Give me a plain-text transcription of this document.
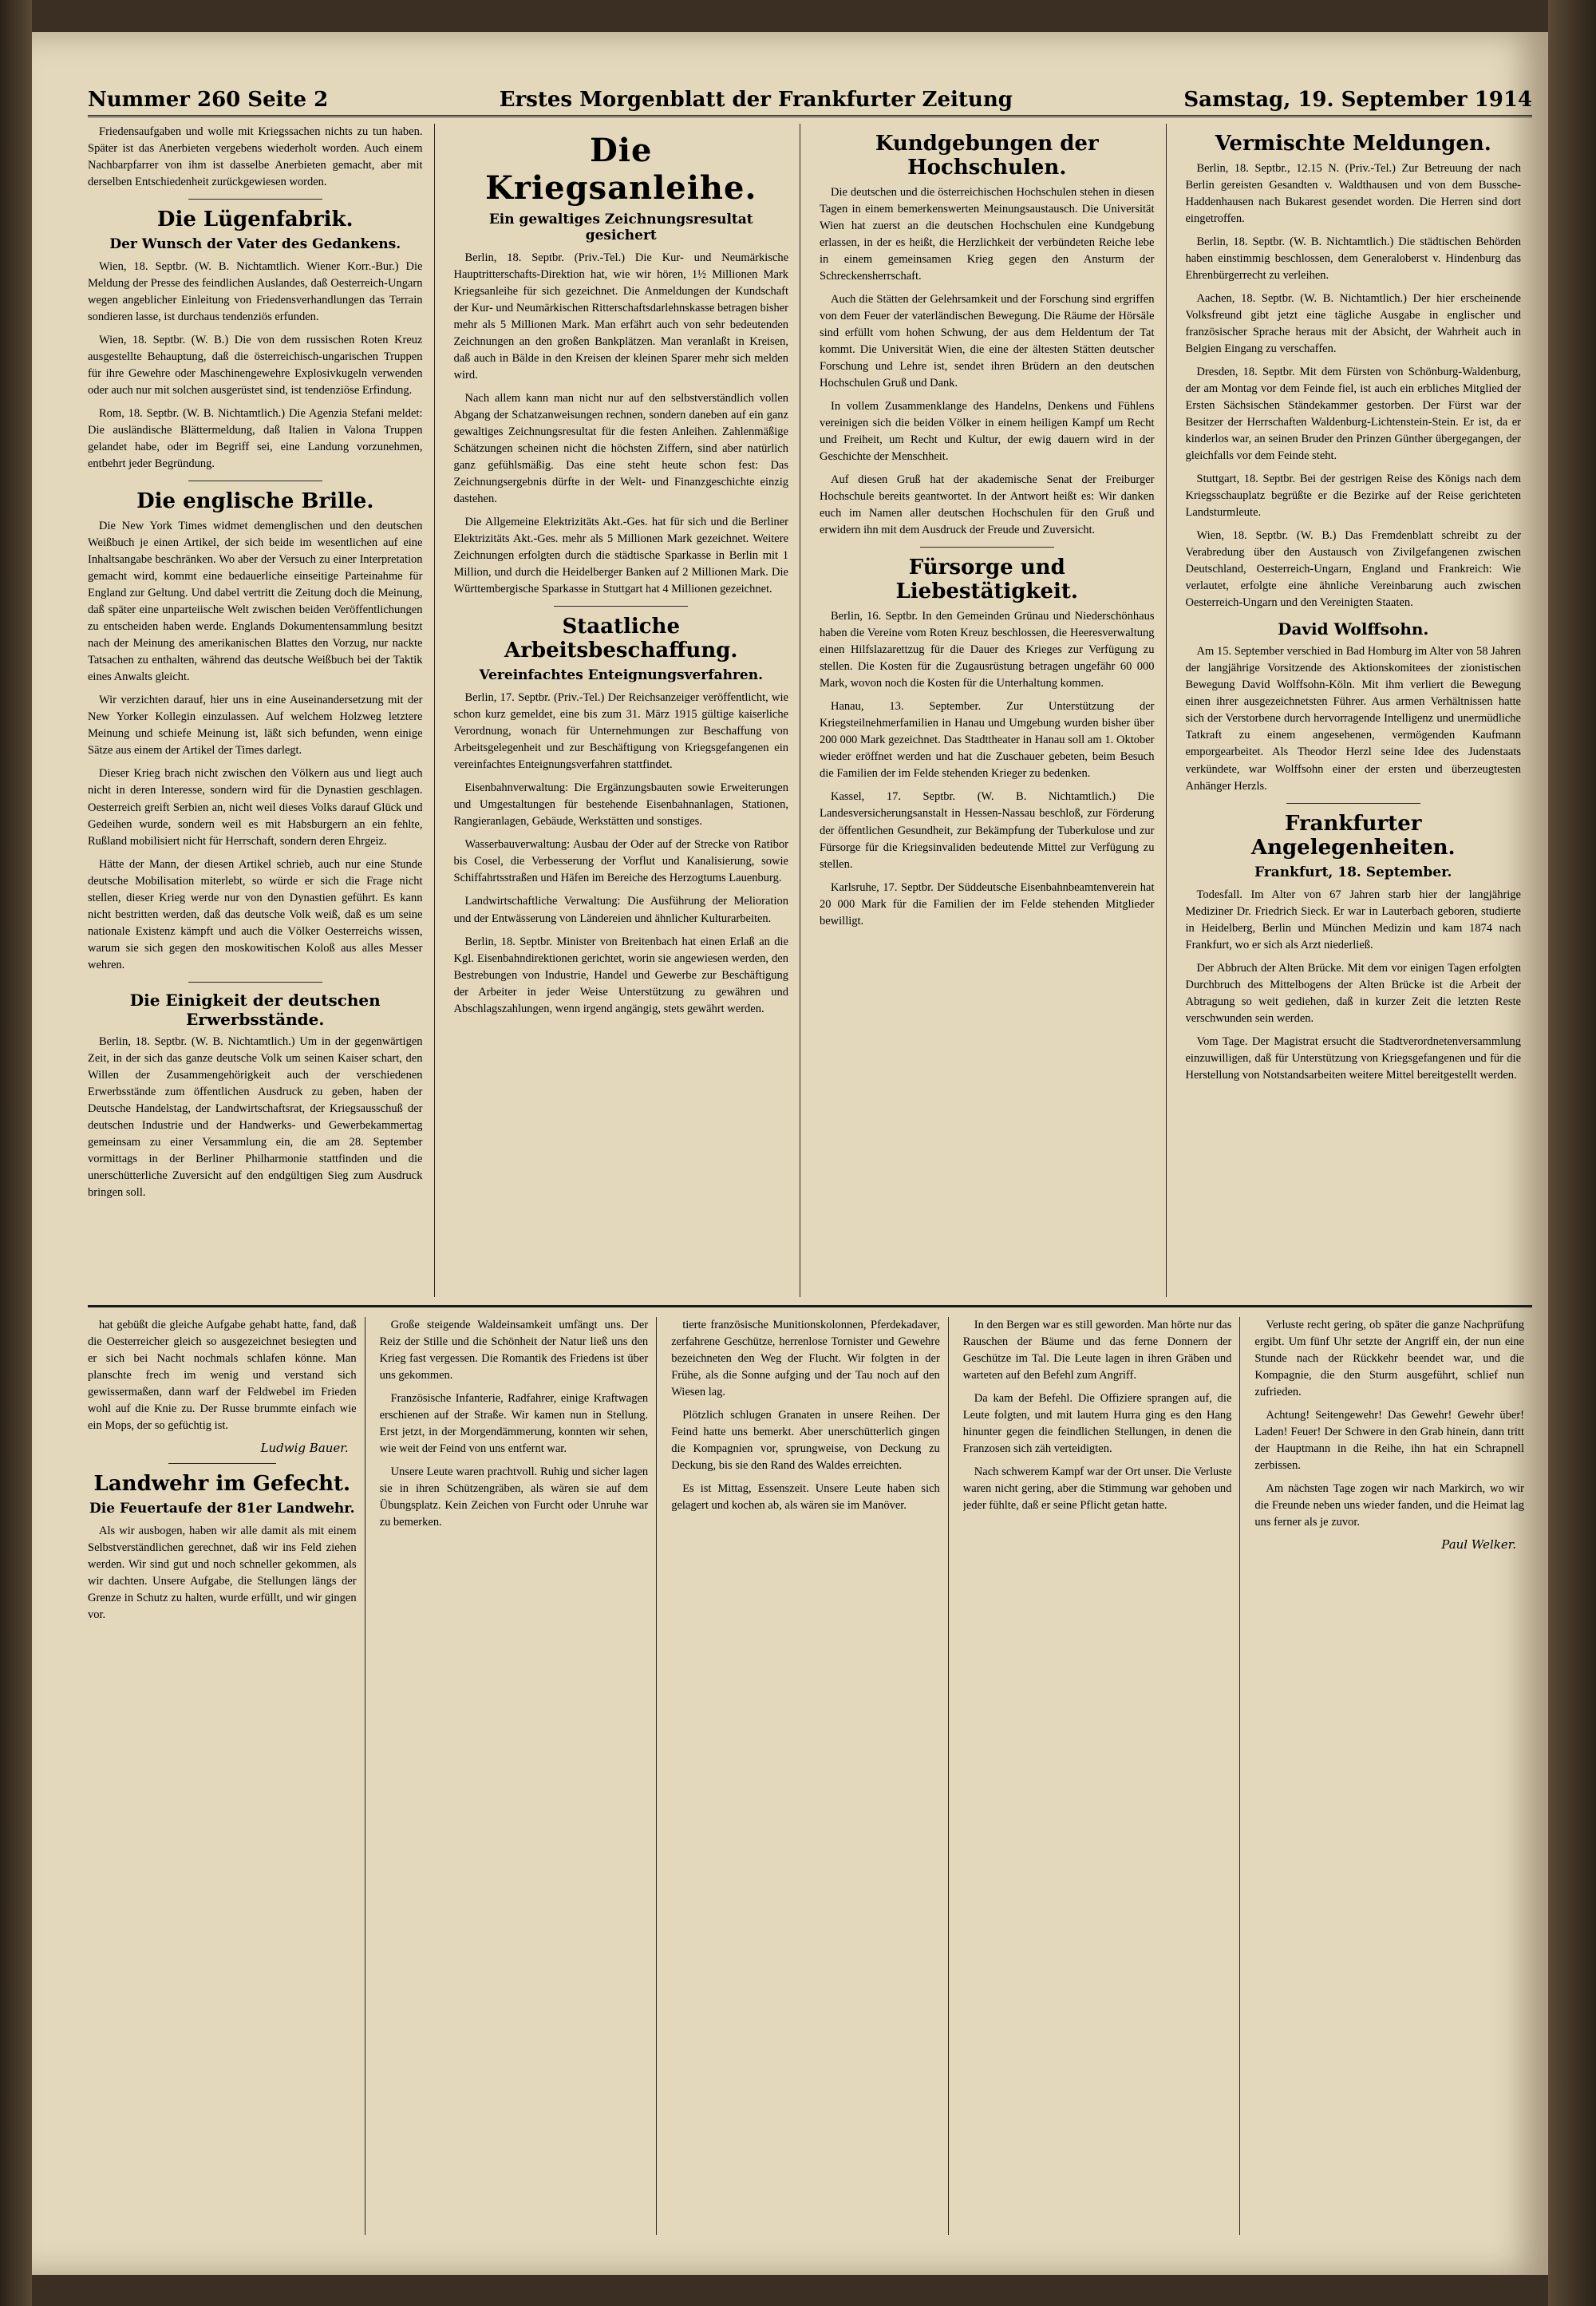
Nummer 260 Seite 2	Erstes Morgenblatt der Frankfurter Zeitung	Samstag, 19. September 1914

Friedensaufgaben und wolle mit Kriegssachen nichts zu tun haben. Später ist das Anerbieten vergebens wiederholt worden. Auch einem Nachbarpfarrer von ihm ist dasselbe Anerbieten gemacht, aber mit derselben Entschiedenheit zurückgewiesen worden.

Die Lügenfabrik.
Der Wunsch der Vater des Gedankens.

Wien, 18. Septbr. (W. B. Nichtamtlich. Wiener Korr.-Bur.) Die Meldung der Presse des feindlichen Auslandes, daß Oesterreich-Ungarn wegen angeblicher Einleitung von Friedensverhandlungen das Terrain sondieren lasse, ist durchaus tendenziös erfunden.

Wien, 18. Septbr. (W. B.) Die von dem russischen Roten Kreuz ausgestellte Behauptung, daß die österreichisch-ungarischen Truppen für ihre Gewehre oder Maschinengewehre Explosivkugeln verwenden oder auch nur mit solchen ausgerüstet sind, ist tendenziöse Erfindung.

Rom, 18. Septbr. (W. B. Nichtamtlich.) Die Agenzia Stefani meldet: Die ausländische Blättermeldung, daß Italien in Valona Truppen gelandet habe, oder im Begriff sei, eine Landung vorzunehmen, entbehrt jeder Begründung.

Die englische Brille.

Die New York Times widmet demenglischen und den deutschen Weißbuch je einen Artikel, der sich beide im wesentlichen auf eine Inhaltsangabe beschränken. Wo aber der Versuch zu einer Interpretation gemacht wird, kommt eine bedauerliche einseitige Parteinahme für England zur Geltung. Und dabel vertritt die Zeitung doch die Meinung, daß später eine unparteiische Welt zwischen beiden Veröffentlichungen zu entscheiden haben werde. Englands Dokumentensammlung besitzt nach der Meinung des amerikanischen Blattes den Vorzug, nur nackte Tatsachen zu enthalten, während das deutsche Weißbuch bei der Taktik eines Anwalts gleicht.

Wir verzichten darauf, hier uns in eine Auseinandersetzung mit der New Yorker Kollegin einzulassen. Auf welchem Holzweg letztere Meinung und schiefe Meinung ist, läßt sich befunden, wenn einige Sätze aus einem der Artikel der Times darlegt.

Dieser Krieg brach nicht zwischen den Völkern aus und liegt auch nicht in deren Interesse, sondern wird für die Dynastien geschlagen. Oesterreich greift Serbien an, nicht weil dieses Volks darauf Glück und Gedeihen wurde, sondern weil es mit Habsburgern an ein fehlte, Rußland mobilisiert nicht für Herrschaft, sondern deren Ehrgeiz.

Hätte der Mann, der diesen Artikel schrieb, auch nur eine Stunde deutsche Mobilisation miterlebt, so würde er sich die Frage nicht stellen, dieser Krieg werde nur von den Dynastien geführt. Es kann nicht bestritten werden, daß das deutsche Volk weiß, daß es um seine nationale Existenz kämpft und auch die Völker Oesterreichs wissen, warum sie sich gegen den moskowitischen Koloß aus alles Messer wehren.

Die Einigkeit der deutschen Erwerbsstände.

Berlin, 18. Septbr. (W. B. Nichtamtlich.) Um in der gegenwärtigen Zeit, in der sich das ganze deutsche Volk um seinen Kaiser schart, den Willen der Zusammengehörigkeit auch der verschiedenen Erwerbsstände zum öffentlichen Ausdruck zu geben, haben der Deutsche Handelstag, der Landwirtschaftsrat, der Kriegsausschuß der deutschen Industrie und der Handwerks- und Gewerbekammertag gemeinsam zu einer Versammlung ein, die am 28. September vormittags in der Berliner Philharmonie stattfinden und die unerschütterliche Zuversicht auf den endgültigen Sieg zum Ausdruck bringen soll.

Die Kriegsanleihe.
Ein gewaltiges Zeichnungsresultat gesichert

Berlin, 18. Septbr. (Priv.-Tel.) Die Kur- und Neumärkische Hauptritterschafts-Direktion hat, wie wir hören, 1½ Millionen Mark Kriegsanleihe für sich gezeichnet. Die Anmeldungen der Kundschaft der Kur- und Neumärkischen Ritterschaftsdarlehnskasse betragen bisher mehr als 5 Millionen Mark. Man erfährt auch von sehr bedeutenden Zeichnungen an den großen Bankplätzen. Man veranlaßt in Kreisen, daß auch in Bälde in den Kreisen der kleinen Sparer mehr sich melden wird.

Nach allem kann man nicht nur auf den selbstverständlich vollen Abgang der Schatzanweisungen rechnen, sondern daneben auf ein ganz gewaltiges Zeichnungsresultat für die festen Anleihen. Zahlenmäßige Schätzungen scheinen nicht die höchsten Ziffern, sind aber natürlich ganz gefühlsmäßig. Das eine steht heute schon fest: Das Zeichnungsergebnis dürfte in der Welt- und Finanzgeschichte einzig dastehen.

Die Allgemeine Elektrizitäts Akt.-Ges. hat für sich und die Berliner Elektrizitäts Akt.-Ges. mehr als 5 Millionen Mark gezeichnet. Weitere Zeichnungen erfolgten durch die städtische Sparkasse in Berlin mit 1 Million, und durch die Heidelberger Banken auf 2 Millionen Mark. Die Württembergische Sparkasse in Stuttgart hat 4 Millionen gezeichnet.

Staatliche Arbeitsbeschaffung.
Vereinfachtes Enteignungsverfahren.

Berlin, 17. Septbr. (Priv.-Tel.) Der Reichsanzeiger veröffentlicht, wie schon kurz gemeldet, eine bis zum 31. März 1915 gültige kaiserliche Verordnung, wonach für Unternehmungen zur Beschaffung von Arbeitsgelegenheit und zur Beschäftigung von Kriegsgefangenen ein vereinfachtes Enteignungsverfahren stattfindet.

Eisenbahnverwaltung: Die Ergänzungsbauten sowie Erweiterungen und Umgestaltungen für bestehende Eisenbahnanlagen, Stationen, Rangieranlagen, Gebäude, Werkstätten und sonstiges.

Wasserbauverwaltung: Ausbau der Oder auf der Strecke von Ratibor bis Cosel, die Verbesserung der Vorflut und Kanalisierung, sowie Schiffahrtsstraßen und Häfen im Bereiche des Herzogtums Lauenburg.

Landwirtschaftliche Verwaltung: Die Ausführung der Melioration und der Entwässerung von Ländereien und ähnlicher Kulturarbeiten.

Berlin, 18. Septbr. Minister von Breitenbach hat einen Erlaß an die Kgl. Eisenbahndirektionen gerichtet, worin sie angewiesen werden, den Bestrebungen von Industrie, Handel und Gewerbe zur Beschäftigung der Arbeiter in jeder Weise Unterstützung zu gewähren und Abschlagszahlungen, wenn irgend angängig, stets gewährt werden.

Kundgebungen der Hochschulen.

Die deutschen und die österreichischen Hochschulen stehen in diesen Tagen in einem bemerkenswerten Meinungsaustausch. Die Universität Wien hat zuerst an die deutschen Hochschulen eine Kundgebung erlassen, in der es heißt, die Herzlichkeit der verbündeten Reiche lebe in einem gemeinsamen Krieg gegen den Ansturm der Schreckensherrschaft.

Auch die Stätten der Gelehrsamkeit und der Forschung sind ergriffen von dem Feuer der vaterländischen Bewegung. Die Räume der Hörsäle sind erfüllt vom hohen Schwung, der aus dem Heldentum der Tat kommt. Die Universität Wien, die eine der ältesten Stätten deutscher Forschung und Lehre ist, sendet ihren Brüdern an den deutschen Hochschulen Gruß und Dank.

In vollem Zusammenklange des Handelns, Denkens und Fühlens vereinigen sich die beiden Völker in einem heiligen Kampf um Recht und Freiheit, um Recht und Kultur, der ewig dauern wird in der Geschichte der Menschheit.

Auf diesen Gruß hat der akademische Senat der Freiburger Hochschule bereits geantwortet. In der Antwort heißt es: Wir danken euch im Namen aller deutschen Hochschulen für den Gruß und erwidern ihn mit dem Ausdruck der Freude und Zuversicht.

Fürsorge und Liebestätigkeit.

Berlin, 16. Septbr. In den Gemeinden Grünau und Niederschönhaus haben die Vereine vom Roten Kreuz beschlossen, die Heeresverwaltung einen Hilfslazarettzug für die Dauer des Krieges zur Verfügung zu stellen. Die Kosten für die Zugausrüstung betragen ungefähr 60 000 Mark, wovon noch die Kosten für die Unterhaltung kommen.

Hanau, 13. September. Zur Unterstützung der Kriegsteilnehmerfamilien in Hanau und Umgebung wurden bisher über 200 000 Mark gezeichnet. Das Stadttheater in Hanau soll am 1. Oktober wieder eröffnet werden und hat die Zuschauer gebeten, beim Besuch die Familien der im Felde stehenden Krieger zu bedenken.

Kassel, 17. Septbr. (W. B. Nichtamtlich.) Die Landesversicherungsanstalt in Hessen-Nassau beschloß, zur Förderung der öffentlichen Gesundheit, zur Bekämpfung der Tuberkulose und zur Fürsorge für die Kriegsinvaliden bedeutende Mittel zur Verfügung zu stellen.

Karlsruhe, 17. Septbr. Der Süddeutsche Eisenbahnbeamtenverein hat 20 000 Mark für die Familien der im Felde stehenden Mitglieder bewilligt.

Vermischte Meldungen.

Berlin, 18. Septbr., 12.15 N. (Priv.-Tel.) Zur Betreuung der nach Berlin gereisten Gesandten v. Waldthausen und von dem Bussche-Haddenhausen nach Bukarest gesendet worden. Die Herren sind dort eingetroffen.

Berlin, 18. Septbr. (W. B. Nichtamtlich.) Die städtischen Behörden haben einstimmig beschlossen, dem Generaloberst v. Hindenburg das Ehrenbürgerrecht zu verleihen.

Aachen, 18. Septbr. (W. B. Nichtamtlich.) Der hier erscheinende Volksfreund gibt jetzt eine tägliche Ausgabe in englischer und französischer Sprache heraus mit der Absicht, der Wahrheit auch in Belgien Eingang zu verschaffen.

Dresden, 18. Septbr. Mit dem Fürsten von Schönburg-Waldenburg, der am Montag vor dem Feinde fiel, ist auch ein erbliches Mitglied der Ersten Sächsischen Ständekammer gestorben. Der Fürst war der Besitzer der Herrschaften Waldenburg-Lichtenstein-Stein. Er ist, da er kinderlos war, an seinen Bruder den Prinzen Günther übergegangen, der gleichfalls vor dem Feinde steht.

Stuttgart, 18. Septbr. Bei der gestrigen Reise des Königs nach dem Kriegsschauplatz begrüßte er die Bezirke auf der Reise gerichteten Landsturmleute.

Wien, 18. Septbr. (W. B.) Das Fremdenblatt schreibt zu der Verabredung über den Austausch von Zivilgefangenen zwischen Deutschland, Oesterreich-Ungarn, England und Frankreich: Wie verlautet, erfolgte eine ähnliche Vereinbarung auch zwischen Oesterreich-Ungarn und den Vereinigten Staaten.

David Wolffsohn.

Am 15. September verschied in Bad Homburg im Alter von 58 Jahren der langjährige Vorsitzende des Aktionskomitees der zionistischen Bewegung David Wolffsohn-Köln. Mit ihm verliert die Bewegung einen ihrer ausgezeichnetsten Führer. Aus armen Verhältnissen hatte sich der Verstorbene durch hervorragende Intelligenz und unermüdliche Tatkraft zu einem angesehenen, vermögenden Kaufmann emporgearbeitet. Als Theodor Herzl seine Idee des Judenstaats verkündete, war Wolffsohn einer der ersten und überzeugtesten Anhänger Herzls.

Frankfurter Angelegenheiten.
Frankfurt, 18. September.

Todesfall. Im Alter von 67 Jahren starb hier der langjährige Mediziner Dr. Friedrich Sieck. Er war in Lauterbach geboren, studierte in Heidelberg, Berlin und München Medizin und kam 1874 nach Frankfurt, wo er sich als Arzt niederließ.

Der Abbruch der Alten Brücke. Mit dem vor einigen Tagen erfolgten Durchbruch des Mittelbogens der Alten Brücke ist die Arbeit der Abtragung so weit gediehen, daß in kurzer Zeit die letzten Reste verschwunden sein werden.

Vom Tage. Der Magistrat ersucht die Stadtverordnetenversammlung einzuwilligen, daß für Unterstützung von Kriegsgefangenen und für die Herstellung von Notstandsarbeiten weitere Mittel bereitgestellt werden.

hat gebüßt die gleiche Aufgabe gehabt hatte, fand, daß die Oesterreicher gleich so ausgezeichnet besiegten und er sich bei Nacht nochmals schlafen könne. Man planschte frech im wenig und verstand sich gewissermaßen, dann warf der Feldwebel im Frieden wohl auf die Knie zu. Der Russe brummte einfach wie ein Mops, der so gefüchtig ist.

Ludwig Bauer.
Landwehr im Gefecht.
Die Feuertaufe der 81er Landwehr.

Als wir ausbogen, haben wir alle damit als mit einem Selbstverständlichen gerechnet, daß wir ins Feld ziehen werden. Wir sind gut und noch schneller gekommen, als wir dachten. Unsere Aufgabe, die Stellungen längs der Grenze in Schutz zu halten, wurde erfüllt, und wir gingen vor.

Große steigende Waldeinsamkeit umfängt uns. Der Reiz der Stille und die Schönheit der Natur ließ uns den Krieg fast vergessen. Die Romantik des Friedens ist über uns gekommen.

Französische Infanterie, Radfahrer, einige Kraftwagen erschienen auf der Straße. Wir kamen nun in Stellung. Erst jetzt, in der Morgendämmerung, konnten wir sehen, wie weit der Feind von uns entfernt war.

Unsere Leute waren prachtvoll. Ruhig und sicher lagen sie in ihren Schützengräben, als wären sie auf dem Übungsplatz. Kein Zeichen von Furcht oder Unruhe war zu bemerken.

tierte französische Munitionskolonnen, Pferdekadaver, zerfahrene Geschütze, herrenlose Tornister und Gewehre bezeichneten den Weg der Flucht. Wir folgten in der Frühe, als die Sonne aufging und der Tau noch auf den Wiesen lag.

Plötzlich schlugen Granaten in unsere Reihen. Der Feind hatte uns bemerkt. Aber unerschütterlich gingen die Kompagnien vor, sprungweise, von Deckung zu Deckung, bis sie den Rand des Waldes erreichten.

Es ist Mittag, Essenszeit. Unsere Leute haben sich gelagert und kochen ab, als wären sie im Manöver.

In den Bergen war es still geworden. Man hörte nur das Rauschen der Bäume und das ferne Donnern der Geschütze im Tal. Die Leute lagen in ihren Gräben und warteten auf den Befehl zum Angriff.

Da kam der Befehl. Die Offiziere sprangen auf, die Leute folgten, und mit lautem Hurra ging es den Hang hinunter gegen die feindlichen Stellungen, in denen die Franzosen sich zäh verteidigten.

Nach schwerem Kampf war der Ort unser. Die Verluste waren nicht gering, aber die Stimmung war gehoben und jeder fühlte, daß er seine Pflicht getan hatte.

Verluste recht gering, ob später die ganze Nachprüfung ergibt. Um fünf Uhr setzte der Angriff ein, der nun eine Stunde nach der Rückkehr beendet war, und die Kompagnie, die den Sturm ausgeführt, schlief nun zufrieden.

Achtung! Seitengewehr! Das Gewehr! Gewehr über! Laden! Feuer! Der Schwere in den Grab hinein, dann tritt der Hauptmann in die Reihe, ihn hat ein Schrapnell zerbissen.

Am nächsten Tage zogen wir nach Markirch, wo wir die Freunde neben uns wieder fanden, und die Heimat lag uns ferner als je zuvor.

Paul Welker.
